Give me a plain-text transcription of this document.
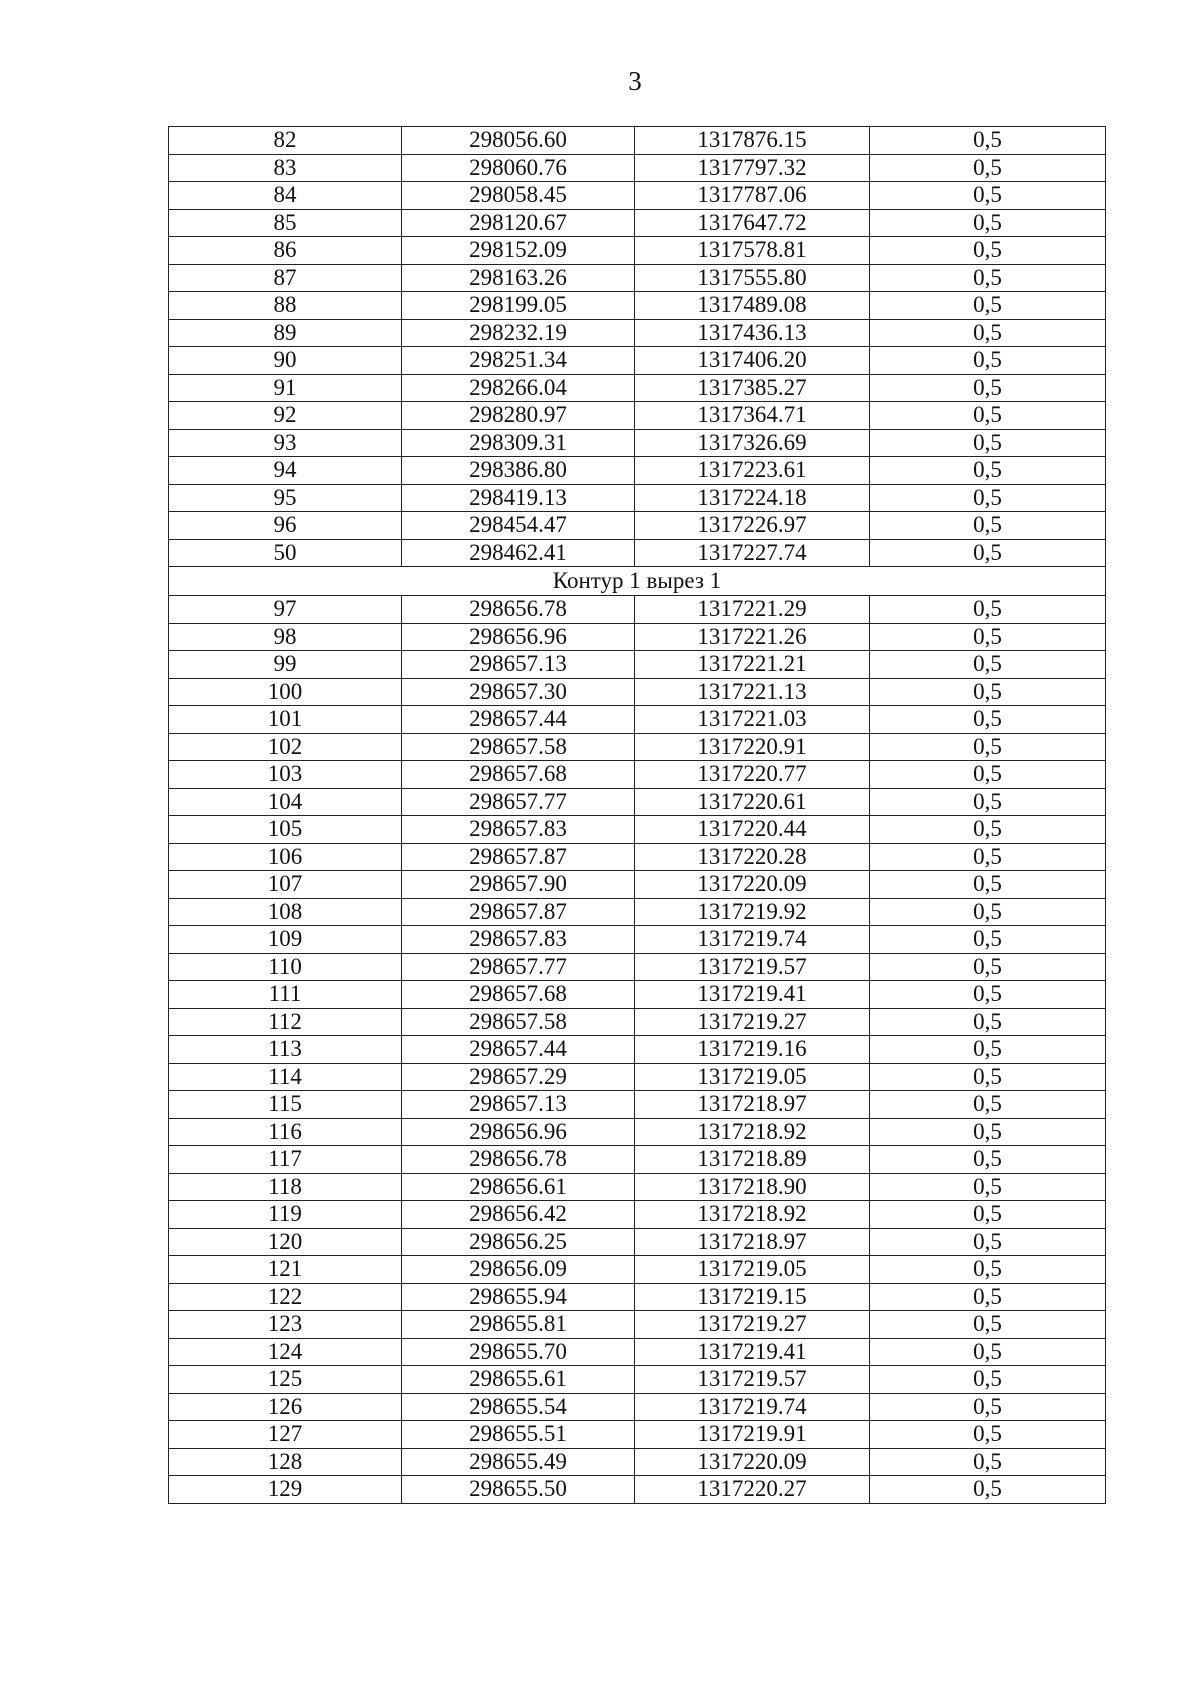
3
82	298056.60	1317876.15	0,5
83	298060.76	1317797.32	0,5
84	298058.45	1317787.06	0,5
85	298120.67	1317647.72	0,5
86	298152.09	1317578.81	0,5
87	298163.26	1317555.80	0,5
88	298199.05	1317489.08	0,5
89	298232.19	1317436.13	0,5
90	298251.34	1317406.20	0,5
91	298266.04	1317385.27	0,5
92	298280.97	1317364.71	0,5
93	298309.31	1317326.69	0,5
94	298386.80	1317223.61	0,5
95	298419.13	1317224.18	0,5
96	298454.47	1317226.97	0,5
50	298462.41	1317227.74	0,5
Контур 1 вырез 1			
97	298656.78	1317221.29	0,5
98	298656.96	1317221.26	0,5
99	298657.13	1317221.21	0,5
100	298657.30	1317221.13	0,5
101	298657.44	1317221.03	0,5
102	298657.58	1317220.91	0,5
103	298657.68	1317220.77	0,5
104	298657.77	1317220.61	0,5
105	298657.83	1317220.44	0,5
106	298657.87	1317220.28	0,5
107	298657.90	1317220.09	0,5
108	298657.87	1317219.92	0,5
109	298657.83	1317219.74	0,5
110	298657.77	1317219.57	0,5
111	298657.68	1317219.41	0,5
112	298657.58	1317219.27	0,5
113	298657.44	1317219.16	0,5
114	298657.29	1317219.05	0,5
115	298657.13	1317218.97	0,5
116	298656.96	1317218.92	0,5
117	298656.78	1317218.89	0,5
118	298656.61	1317218.90	0,5
119	298656.42	1317218.92	0,5
120	298656.25	1317218.97	0,5
121	298656.09	1317219.05	0,5
122	298655.94	1317219.15	0,5
123	298655.81	1317219.27	0,5
124	298655.70	1317219.41	0,5
125	298655.61	1317219.57	0,5
126	298655.54	1317219.74	0,5
127	298655.51	1317219.91	0,5
128	298655.49	1317220.09	0,5
129	298655.50	1317220.27	0,5
